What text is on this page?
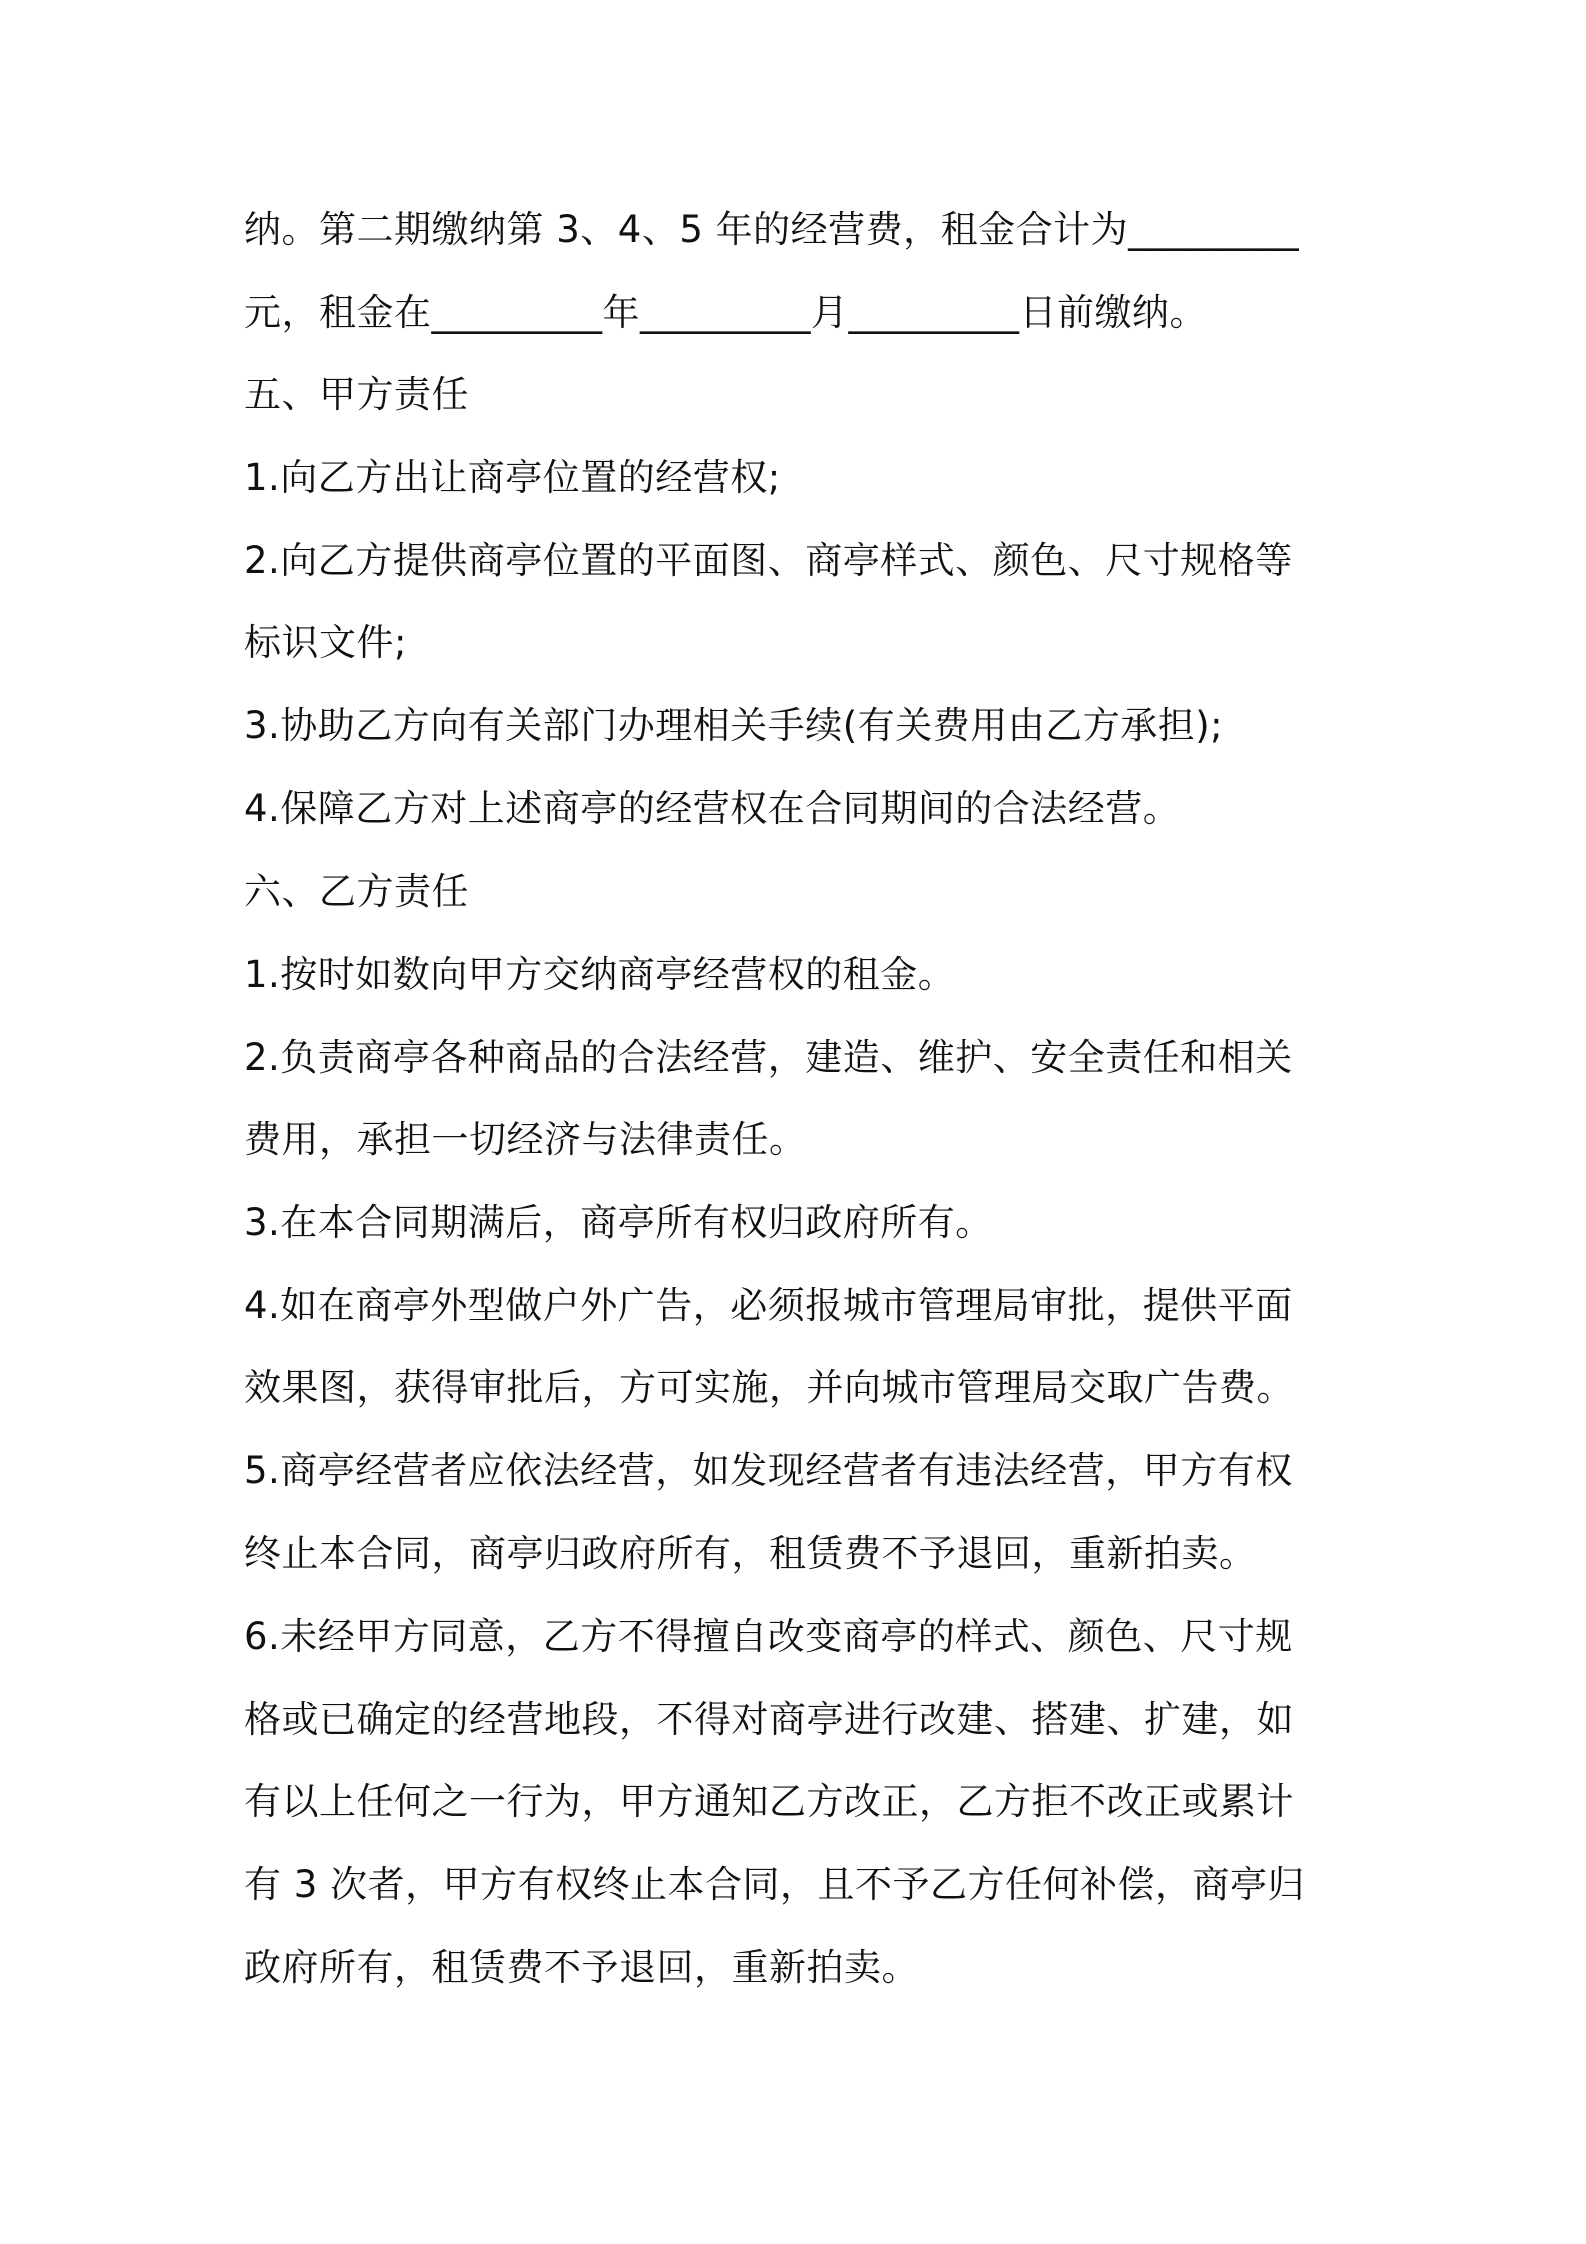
纳。第二期缴纳第 3、4、5 年的经营费，租金合计为_________

元，租金在_________年_________月_________日前缴纳。

五、甲方责任

1.向乙方出让商亭位置的经营权;

2.向乙方提供商亭位置的平面图、商亭样式、颜色、尺寸规格等

标识文件;

3.协助乙方向有关部门办理相关手续(有关费用由乙方承担);

4.保障乙方对上述商亭的经营权在合同期间的合法经营。

六、乙方责任

1.按时如数向甲方交纳商亭经营权的租金。

2.负责商亭各种商品的合法经营，建造、维护、安全责任和相关

费用，承担一切经济与法律责任。

3.在本合同期满后，商亭所有权归政府所有。

4.如在商亭外型做户外广告，必须报城市管理局审批，提供平面

效果图，获得审批后，方可实施，并向城市管理局交取广告费。

5.商亭经营者应依法经营，如发现经营者有违法经营，甲方有权

终止本合同，商亭归政府所有，租赁费不予退回，重新拍卖。

6.未经甲方同意，乙方不得擅自改变商亭的样式、颜色、尺寸规

格或已确定的经营地段，不得对商亭进行改建、搭建、扩建，如

有以上任何之一行为，甲方通知乙方改正，乙方拒不改正或累计

有 3 次者，甲方有权终止本合同，且不予乙方任何补偿，商亭归

政府所有，租赁费不予退回，重新拍卖。
